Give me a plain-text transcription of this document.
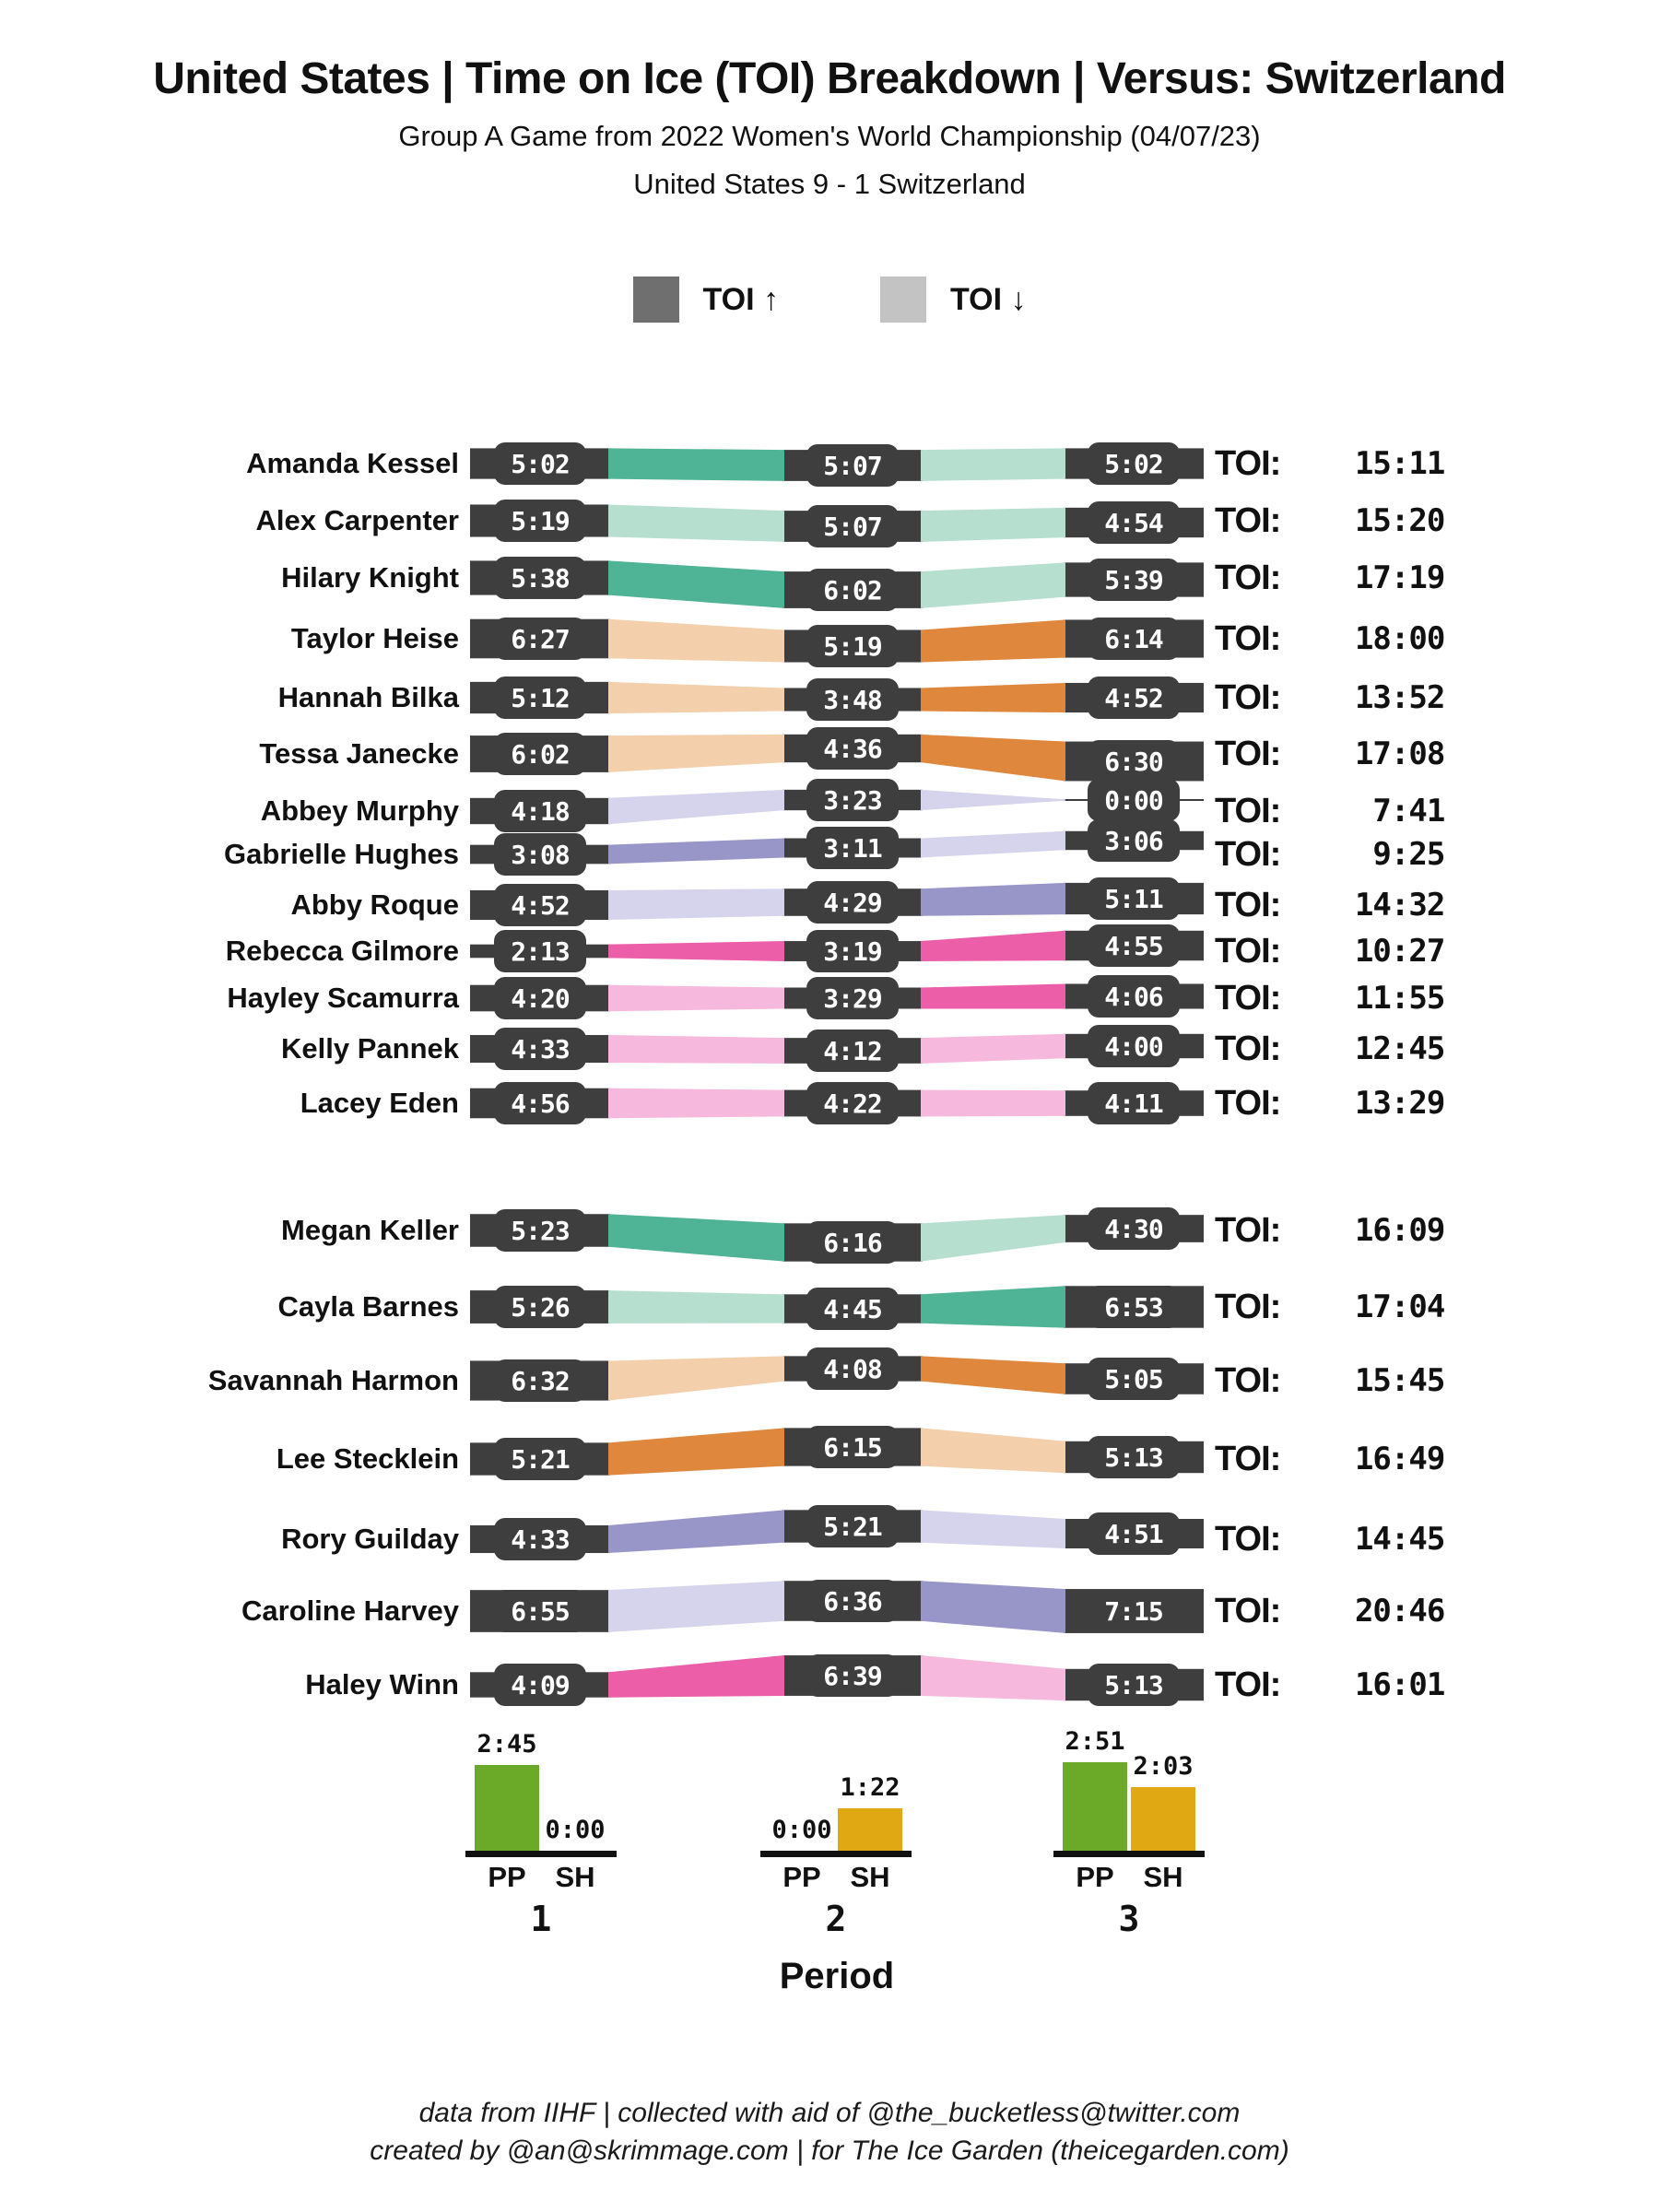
United States | Time on Ice (TOI) Breakdown | Versus: Switzerland
Group A Game from 2022 Women's World Championship (04/07/23)
United States 9 - 1 Switzerland
TOI ↑	TOI ↓
Amanda Kessel	5:02	5:07	5:02	TOI:	15:11
Alex Carpenter	5:19	5:07	4:54	TOI:	15:20
Hilary Knight	5:38	6:02	5:39	TOI:	17:19
Taylor Heise	6:27	5:19	6:14	TOI:	18:00
Hannah Bilka	5:12	3:48	4:52	TOI:	13:52
Tessa Janecke	6:02	4:36	6:30	TOI:	17:08
Abbey Murphy	4:18	3:23	0:00	TOI:	7:41
Gabrielle Hughes	3:08	3:11	3:06	TOI:	9:25
Abby Roque	4:52	4:29	5:11	TOI:	14:32
Rebecca Gilmore	2:13	3:19	4:55	TOI:	10:27
Hayley Scamurra	4:20	3:29	4:06	TOI:	11:55
Kelly Pannek	4:33	4:12	4:00	TOI:	12:45
Lacey Eden	4:56	4:22	4:11	TOI:	13:29
Megan Keller	5:23	6:16	4:30	TOI:	16:09
Cayla Barnes	5:26	4:45	6:53	TOI:	17:04
Savannah Harmon	6:32	4:08	5:05	TOI:	15:45
Lee Stecklein	5:21	6:15	5:13	TOI:	16:49
Rory Guilday	4:33	5:21	4:51	TOI:	14:45
Caroline Harvey	6:55	6:36	7:15	TOI:	20:46
Haley Winn	4:09	6:39	5:13	TOI:	16:01
Period
2:45
PP
0:00
SH
1
0:00
PP
1:22
SH
2
2:51
PP
2:03
SH
3
data from IIHF | collected with aid of @the_bucketless@twitter.com
created by @an@skrimmage.com | for The Ice Garden (theicegarden.com)
